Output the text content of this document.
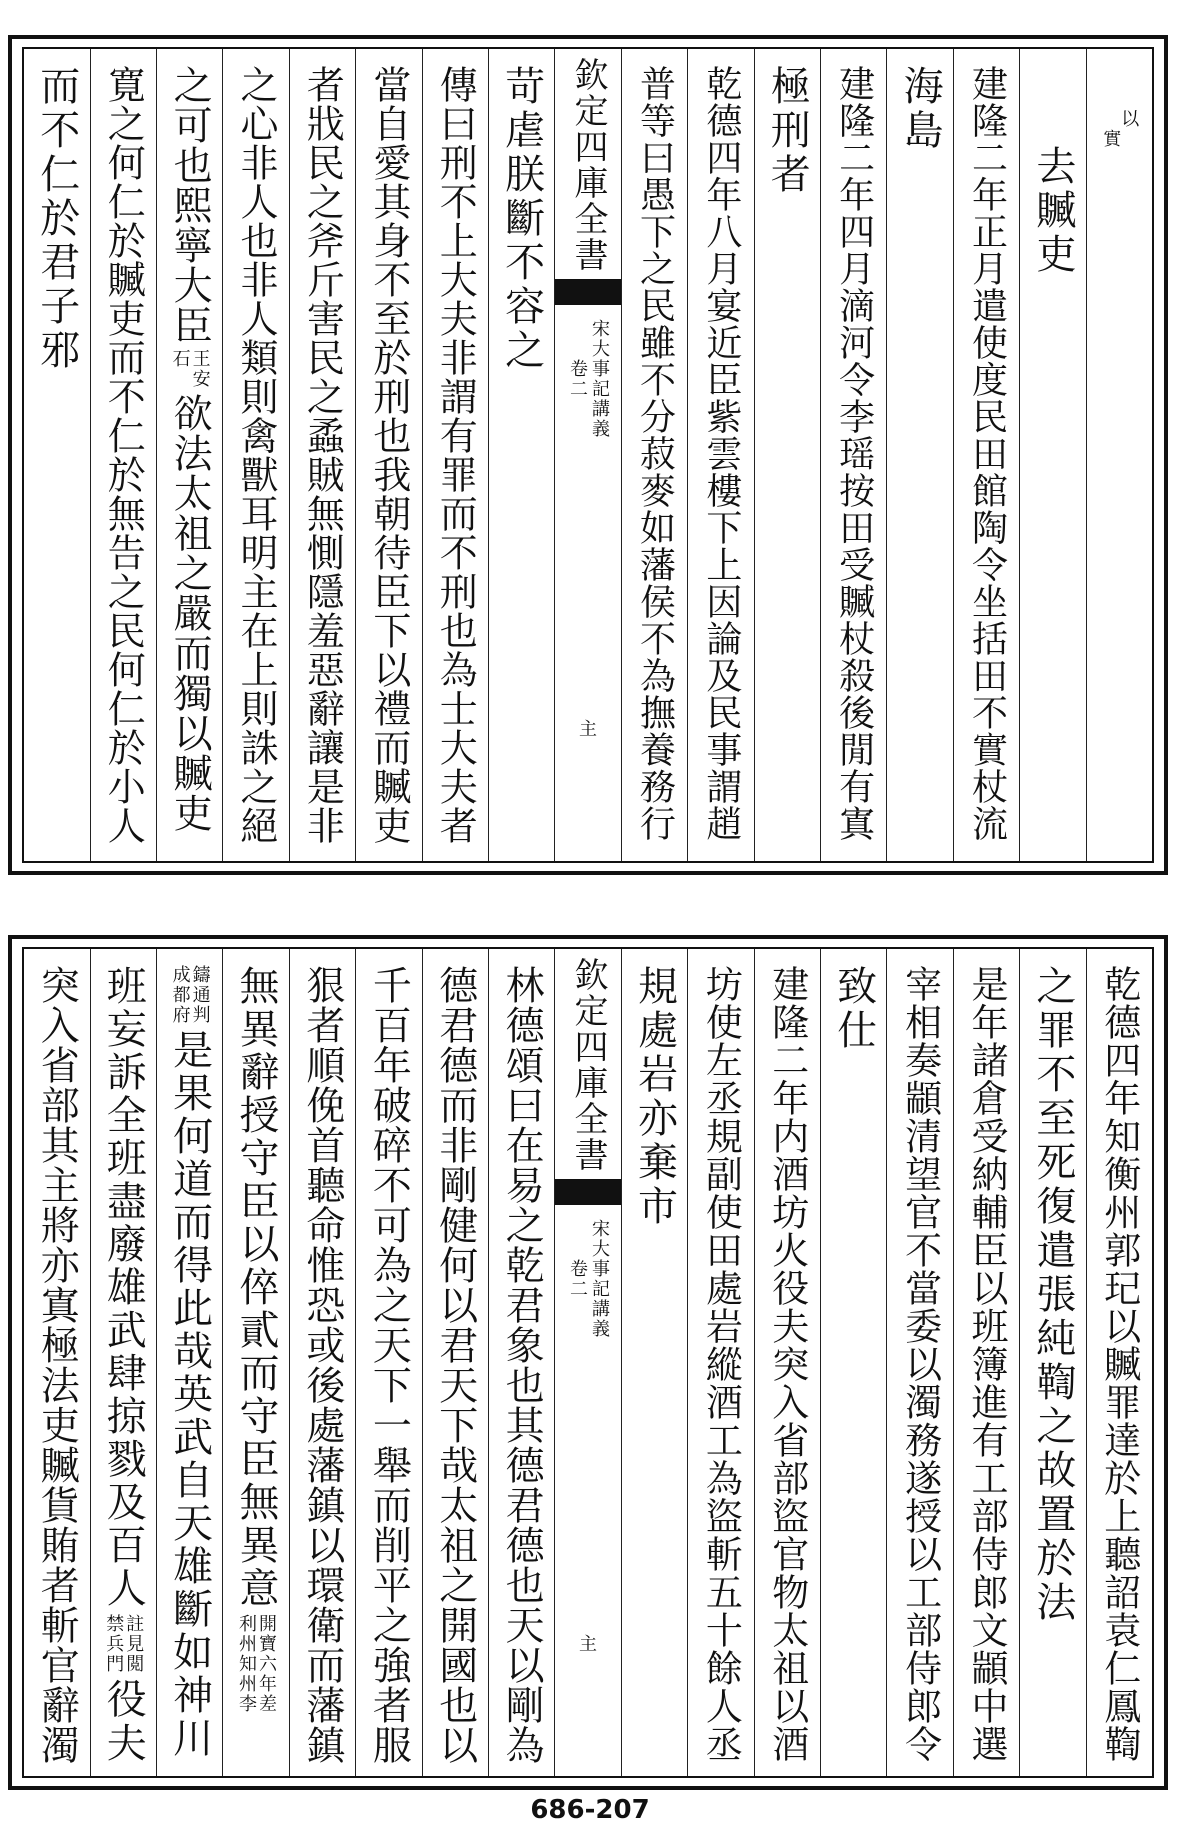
以
實
去贓吏
建隆二年正月遣使度民田館陶令坐括田不實杖流
海島
建隆二年四月滴河令李瑶按田受贓杖殺後閒有寘
極刑者
乾德四年八月宴近臣紫雲樓下上因論及民事謂趙
普等曰愚下之民雖不分菽麥如藩侯不為撫養務行
欽定四庫全書
宋大事記講義
卷二
主
苛虐朕斷不容之
傳曰刑不上大夫非謂有罪而不刑也為士大夫者
當自愛其身不至於刑也我朝待臣下以禮而贓吏
者戕民之斧斤害民之蟊賊無惻隱羞惡辭讓是非
之心非人也非人類則禽獸耳明主在上則誅之絕
之可也熙寧大臣
王安
石
欲法太祖之嚴而獨以贓吏
寛之何仁於贓吏而不仁於無告之民何仁於小人
而不仁於君子邪
乾德四年知衡州郭玘以贓罪達於上聽詔袁仁鳳鞫
之罪不至死復遣張純鞫之故置於法
是年諸倉受納輔臣以班簿進有工部侍郎文顓中選
宰相奏顓清望官不當委以濁務遂授以工部侍郎令
致仕
建隆二年内酒坊火役夫突入省部盜官物太祖以酒
坊使左丞規副使田處岩縱酒工為盜斬五十餘人丞
規處岩亦棄市
欽定四庫全書
宋大事記講義
卷二
主
林德頌曰在易之乾君象也其德君德也天以剛為
德君德而非剛健何以君天下哉太祖之開國也以
千百年破碎不可為之天下一舉而削平之強者服
狠者順俛首聽命惟恐或後處藩鎮以環衛而藩鎮
無異辭授守臣以倅貳而守臣無異意
開寶六年差
利州知州李
鑄通判
成都府
是果何道而得此哉英武自天雄斷如神川
班妄訴全班盡廢雄武肆掠戮及百人
註見閲
禁兵門
役夫
突入省部其主將亦寘極法吏贓貨賄者斬官辭濁
686-207
